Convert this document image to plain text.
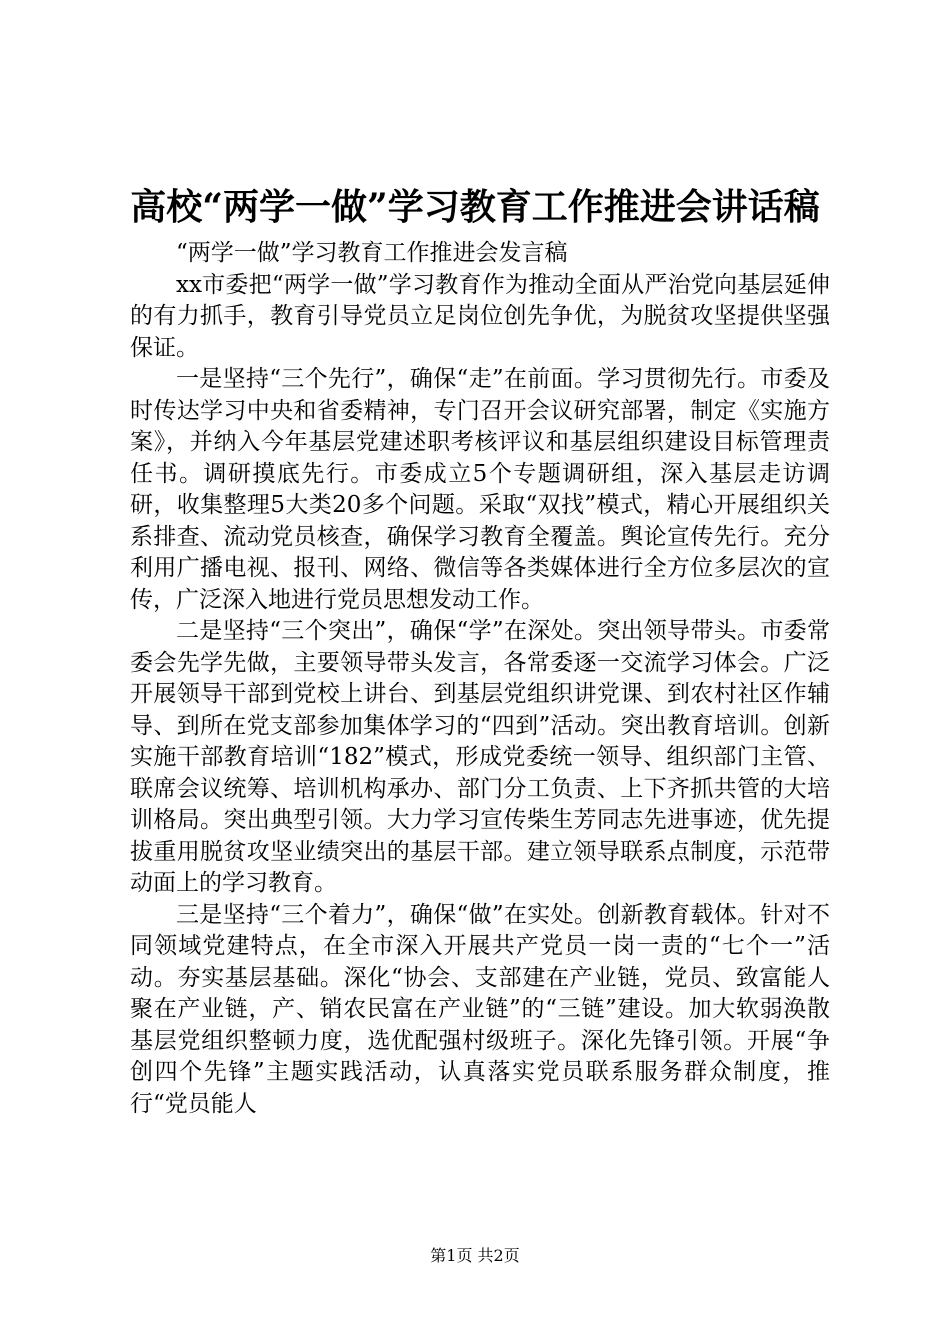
高校“两学一做”学习教育工作推进会讲话稿

“两学一做”学习教育工作推进会发言稿

xx市委把“两学一做”学习教育作为推动全面从严治党向基层延伸的有力抓手，教育引导党员立足岗位创先争优，为脱贫攻坚提供坚强保证。

一是坚持“三个先行”，确保“走”在前面。学习贯彻先行。市委及时传达学习中央和省委精神，专门召开会议研究部署，制定《实施方案》，并纳入今年基层党建述职考核评议和基层组织建设目标管理责任书。调研摸底先行。市委成立5个专题调研组，深入基层走访调研，收集整理5大类20多个问题。采取“双找”模式，精心开展组织关系排查、流动党员核查，确保学习教育全覆盖。舆论宣传先行。充分利用广播电视、报刊、网络、微信等各类媒体进行全方位多层次的宣传，广泛深入地进行党员思想发动工作。

二是坚持“三个突出”，确保“学”在深处。突出领导带头。市委常委会先学先做，主要领导带头发言，各常委逐一交流学习体会。广泛开展领导干部到党校上讲台、到基层党组织讲党课、到农村社区作辅导、到所在党支部参加集体学习的“四到”活动。突出教育培训。创新实施干部教育培训“182”模式，形成党委统一领导、组织部门主管、联席会议统筹、培训机构承办、部门分工负责、上下齐抓共管的大培训格局。突出典型引领。大力学习宣传柴生芳同志先进事迹，优先提拔重用脱贫攻坚业绩突出的基层干部。建立领导联系点制度，示范带动面上的学习教育。

三是坚持“三个着力”，确保“做”在实处。创新教育载体。针对不同领域党建特点，在全市深入开展共产党员一岗一责的“七个一”活动。夯实基层基础。深化“协会、支部建在产业链，党员、致富能人聚在产业链，产、销农民富在产业链”的“三链”建设。加大软弱涣散基层党组织整顿力度，选优配强村级班子。深化先锋引领。开展“争创四个先锋”主题实践活动，认真落实党员联系服务群众制度，推行“党员能人

第1页 共2页
